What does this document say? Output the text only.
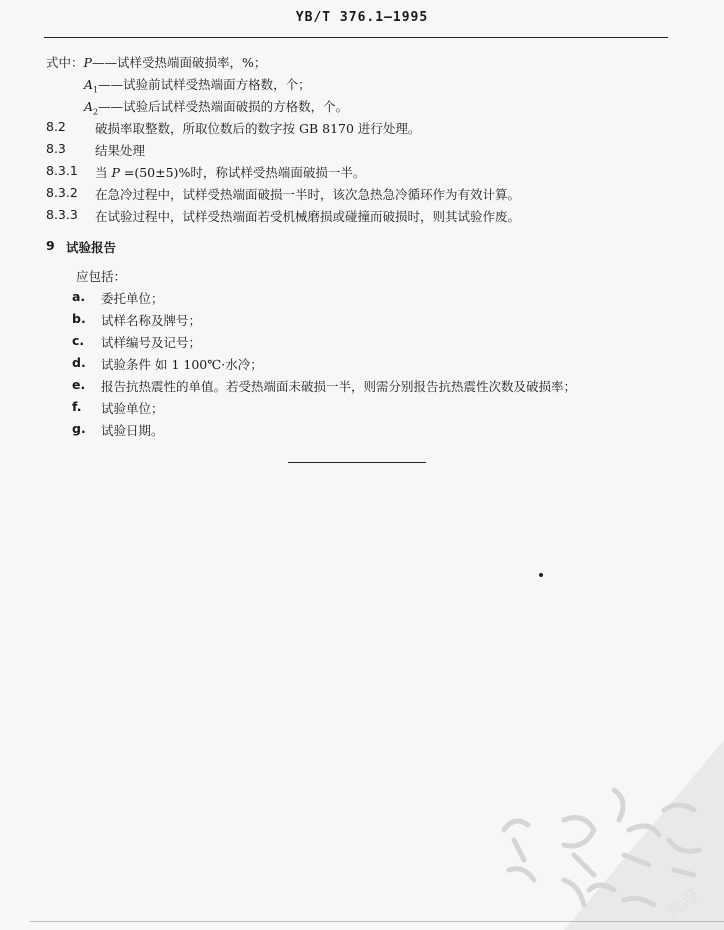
YB/T 376.1—1995
式中：P——试样受热端面破损率，%；
$A_1——$试验前试样受热端面方格数，个；
$A_2——$试验后试样受热端面破损的方格数，个。
8.2 破损率取整数，所取位数后的数字按 GB 8170 进行处理。
8.3 结果处理
8.3.1 当 P =(50±5)%时，称试样受热端面破损一半。
8.3.2 在急冷过程中，试样受热端面破损一半时，该次急热急冷循环作为有效计算。
8.3.3 在试验过程中，试样受热端面若受机械磨损或碰撞而破损时，则其试验作废。
9 试验报告
应包括：
a. 委托单位；
b. 试样名称及牌号；
c. 试样编号及记号；
d. 试验条件 如 1 100℃·水冷；
e. 报告抗热震性的单值。若受热端面未破损一半，则需分别报告抗热震性次数及破损率；
f. 试验单位；
g. 试验日期。
PDG
